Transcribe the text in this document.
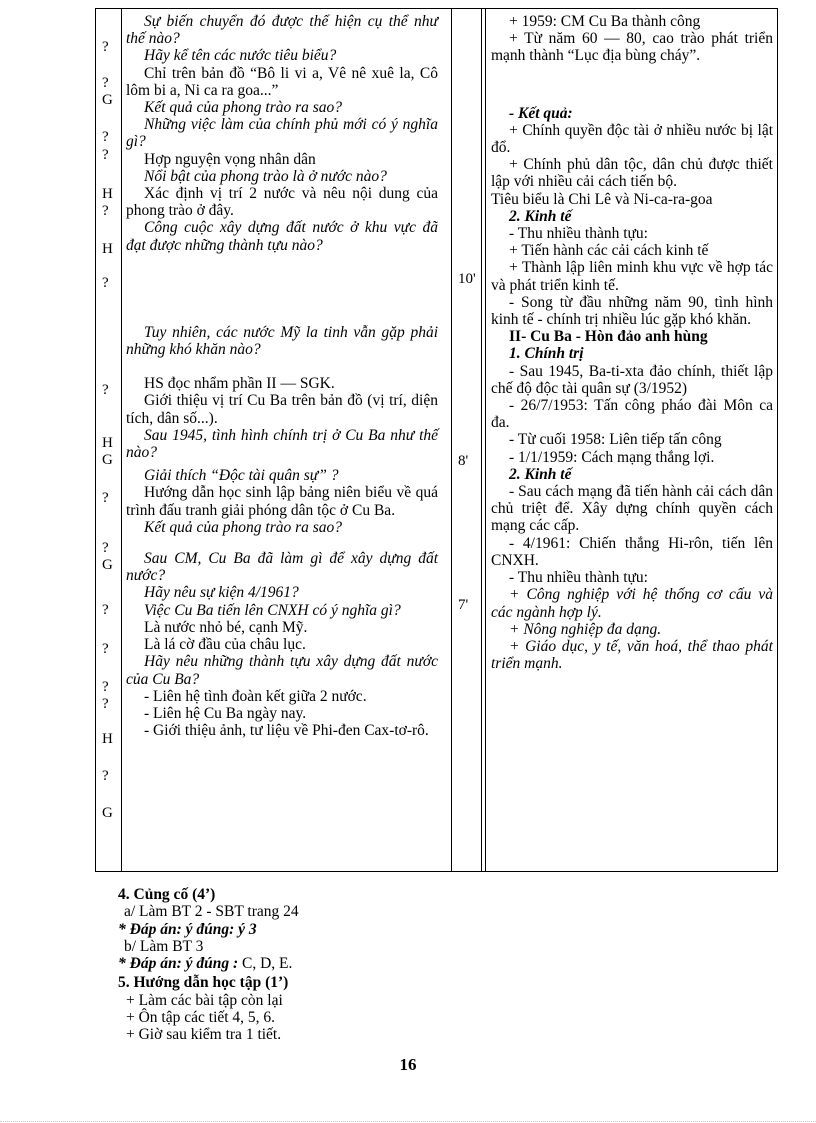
?
?
G
?
?
H
?
H
?
?
H
G
?
?
G
?
?
?
?
H
?
G

Sự biến chuyển đó được thể hiện cụ thể như thế nào?

Hãy kể tên các nước tiêu biểu?

Chỉ trên bản đồ “Bô li vi a, Vê nê xuê la, Cô lôm bi a, Ni ca ra goa...”

Kết quả của phong trào ra sao?

Những việc làm của chính phủ mới có ý nghĩa gì?

Hợp nguyện vọng nhân dân

Nổi bật của phong trào là ở nước nào?

Xác định vị trí 2 nước và nêu nội dung của phong trào ở đây.

Công cuộc xây dựng đất nước ở khu vực đã đạt được những thành tựu nào?

Tuy nhiên, các nước Mỹ la tinh vẫn gặp phải những khó khăn nào?

HS đọc nhẩm phần II — SGK.

Giới thiệu vị trí Cu Ba trên bản đồ (vị trí, diện tích, dân số...).

Sau 1945, tình hình chính trị ở Cu Ba như thế nào?

Giải thích “Độc tài quân sự” ?

Hướng dẫn học sinh lập bảng niên biểu về quá trình đấu tranh giải phóng dân tộc ở Cu Ba.

Kết quả của phong trào ra sao?

Sau CM, Cu Ba đã làm gì để xây dựng đất nước?

Hãy nêu sự kiện 4/1961?

Việc Cu Ba tiến lên CNXH có ý nghĩa gì?

Là nước nhỏ bé, cạnh Mỹ.

Là lá cờ đầu của châu lục.

Hãy nêu những thành tựu xây dựng đất nước của Cu Ba?

- Liên hệ tình đoàn kết giữa 2 nước.

- Liên hệ Cu Ba ngày nay.

- Giới thiệu ảnh, tư liệu về Phi-đen Cax-tơ-rô.

10'
8'
7'

+ 1959: CM Cu Ba thành công

+ Từ năm 60 — 80, cao trào phát triển mạnh thành “Lục địa bùng cháy”.

- Kết quả:

+ Chính quyền độc tài ở nhiều nước bị lật đổ.

+ Chính phủ dân tộc, dân chủ được thiết lập với nhiều cải cách tiến bộ.

Tiêu biểu là Chi Lê và Ni-ca-ra-goa

2. Kinh tế

- Thu nhiều thành tựu:

+ Tiến hành các cải cách kinh tế

+ Thành lập liên minh khu vực về hợp tác và phát triển kinh tế.

- Song từ đầu những năm 90, tình hình kinh tế - chính trị nhiều lúc gặp khó khăn.

II- Cu Ba - Hòn đảo anh hùng

1. Chính trị

- Sau 1945, Ba-ti-xta đảo chính, thiết lập chế độ độc tài quân sự (3/1952)

- 26/7/1953: Tấn công pháo đài Môn ca đa.

- Từ cuối 1958: Liên tiếp tấn công

- 1/1/1959: Cách mạng thắng lợi.

2. Kinh tế

- Sau cách mạng đã tiến hành cải cách dân chủ triệt để. Xây dựng chính quyền cách mạng các cấp.

- 4/1961: Chiến thắng Hi-rôn, tiến lên CNXH.

- Thu nhiều thành tựu:

+ Công nghiệp với hệ thống cơ cấu và các ngành hợp lý.

+ Nông nghiệp đa dạng.

+ Giáo dục, y tế, văn hoá, thể thao phát triển mạnh.

4. Củng cố (4’)

a/ Làm BT 2 - SBT trang 24

* Đáp án: ý đúng: ý 3

b/ Làm BT 3

* Đáp án: ý đúng : C, D, E.

5. Hướng dẫn học tập (1’)

+ Làm các bài tập còn lại

+ Ôn tập các tiết 4, 5, 6.

+ Giờ sau kiểm tra 1 tiết.

16
